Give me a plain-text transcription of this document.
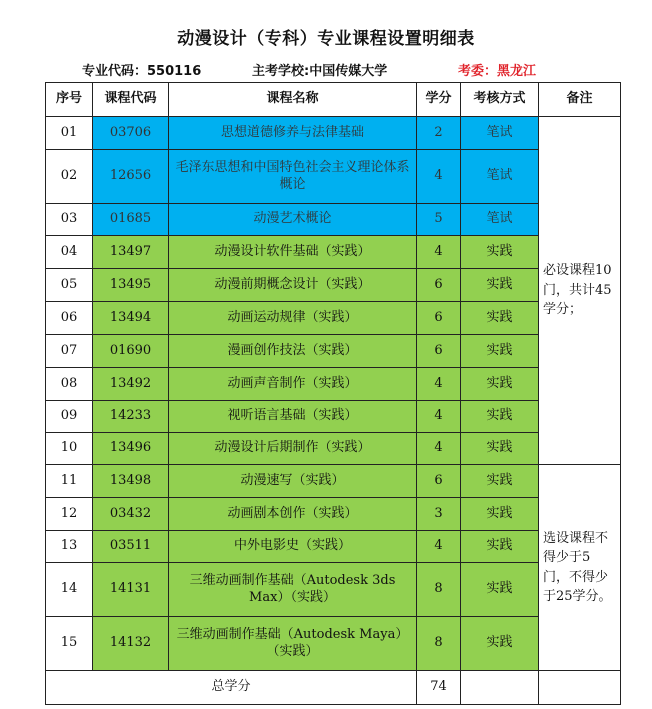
动漫设计（专科）专业课程设置明细表
专业代码：550116	主考学校:中国传媒大学	考委：黑龙江
序号	课程代码	课程名称	学分	考核方式	备注
01	03706	思想道德修养与法律基础	2	笔试	必设课程10门，共计45学分；
02	12656	毛泽东思想和中国特色社会主义理论体系概论	4	笔试	
03	01685	动漫艺术概论	5	笔试	
04	13497	动漫设计软件基础（实践）	4	实践	
05	13495	动漫前期概念设计（实践）	6	实践	
06	13494	动画运动规律（实践）	6	实践	
07	01690	漫画创作技法（实践）	6	实践	
08	13492	动画声音制作（实践）	4	实践	
09	14233	视听语言基础（实践）	4	实践	
10	13496	动漫设计后期制作（实践）	4	实践	
11	13498	动漫速写（实践）	6	实践	选设课程不得少于5门，不得少于25学分。
12	03432	动画剧本创作（实践）	3	实践	
13	03511	中外电影史（实践）	4	实践	
14	14131	三维动画制作基础（Autodesk 3ds Max）（实践）	8	实践	
15	14132	三维动画制作基础（Autodesk Maya）（实践）	8	实践	
总学分			74		
